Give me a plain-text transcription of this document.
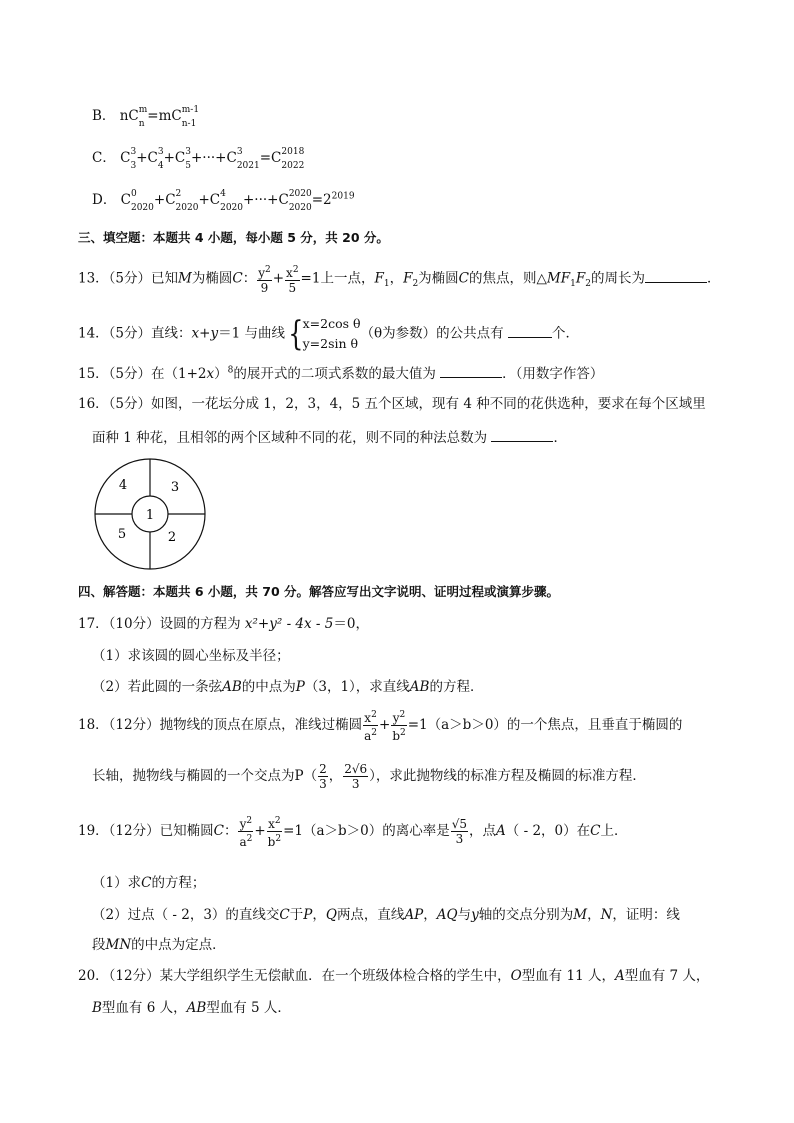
B． nC m
n =mC m-1
n-1
C． C 3
3 +C 3
4 +C 3
5 +···+C 3
2021 =C 2018
2022
D． C 0
2020 +C 2
2020 +C 4
2020 +···+C 2020
$2020 =2^{2019}$
三、填空题：本题共 4 小题，每小题 5 分，共 20 分。
13．（5分）已知M为椭圆C： $\frac{y^2}{9} + \frac{x^2}{5} =1$上一点，$F_1$，$F_2$为椭圆C的焦点，则$\triangle MF_1F_2$的周长为	．
14．（5分）直线：x+y＝1 与曲线{ x=2cos θ
y=2sin θ
（θ为参数）的公共点有	个．
15．（5分）在$(1+2x)^8$的展开式的二项式系数的最大值为	．（用数字作答）
16．（5分）如图，一花坛分成 1，2，3，4，5 五个区域，现有 4 种不同的花供选种，要求在每个区域里
面种 1 种花，且相邻的两个区域种不同的花，则不同的种法总数为	．
1
2
3
4
5
四、解答题：本题共 6 小题，共 70 分。解答应写出文字说明、证明过程或演算步骤。
17．（10分）设圆的方程为 x²+y² - 4x - 5＝0，
（1）求该圆的圆心坐标及半径；
（2）若此圆的一条弦AB的中点为P（3，1），求直线AB的方程．
18．（12分）抛物线的顶点在原点，准线过椭圆 $\frac{x^2}{a^2} + \frac{y^2}{b^2} =1(a>b>0)$的一个焦点，且垂直于椭圆的
长轴，抛物线与椭圆的一个交点为$P( \frac{2}{3}$ ， $\frac{2√6}{3}$ ），求此抛物线的标准方程及椭圆的标准方程．
19．（12分）已知椭圆C： $\frac{y^2}{a^2} + \frac{x^2}{b^2} =1(a>b>0)$的离心率是 $\frac{√5}{3}$ ，点A（ - 2，0）在C上．
（1）求C的方程；
（2）过点（ - 2，3）的直线交C于P，Q两点，直线AP，AQ与y轴的交点分别为M，N，证明：线
段MN的中点为定点．
20．（12分）某大学组织学生无偿献血．在一个班级体检合格的学生中，O型血有 11 人，A型血有 7 人，
B型血有 6 人，AB型血有 5 人．
